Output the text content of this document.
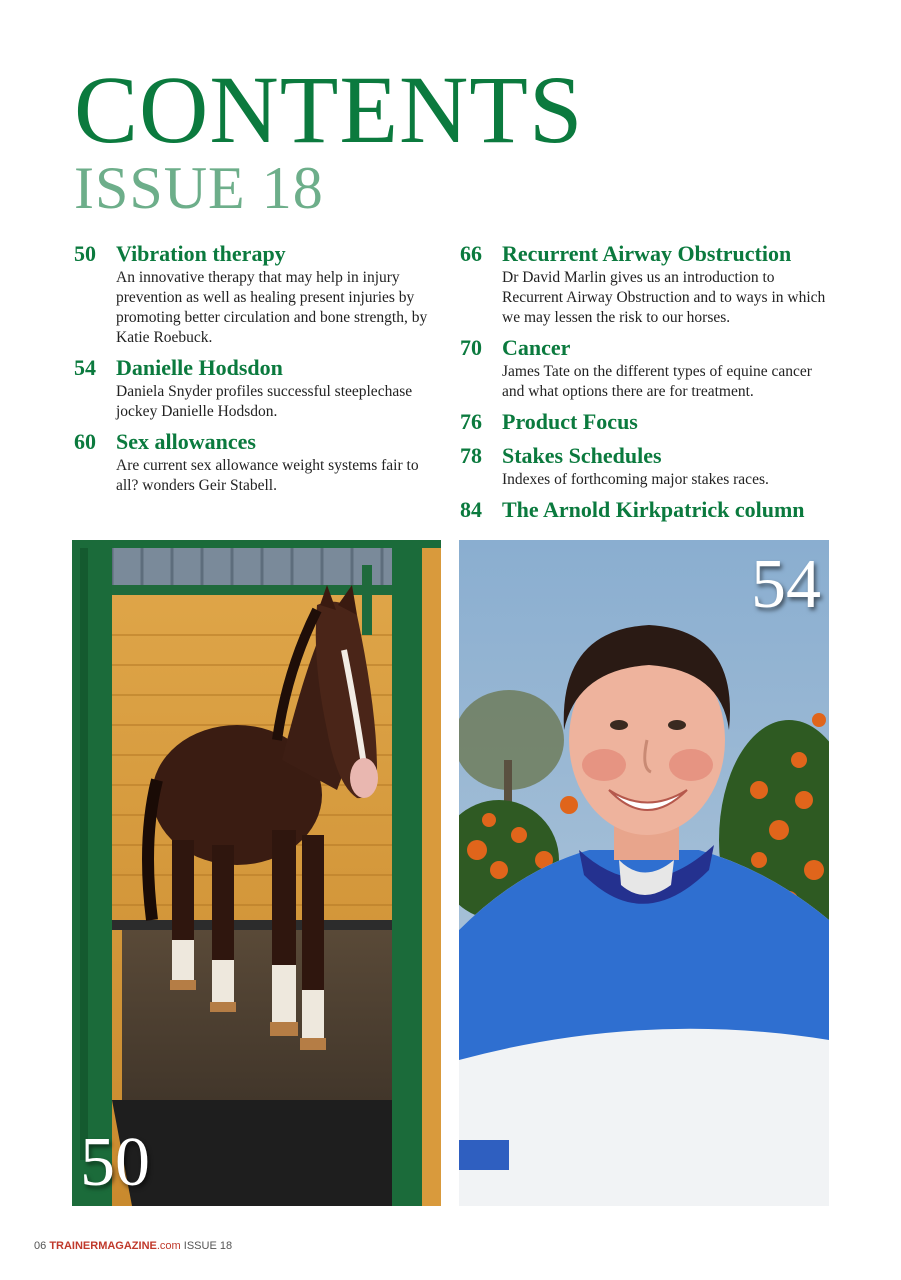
CONTENTS
ISSUE 18
50 Vibration therapy
An innovative therapy that may help in injury prevention as well as healing present injuries by promoting better circulation and bone strength, by Katie Roebuck.
54 Danielle Hodsdon
Daniela Snyder profiles successful steeplechase jockey Danielle Hodsdon.
60 Sex allowances
Are current sex allowance weight systems fair to all? wonders Geir Stabell.
66 Recurrent Airway Obstruction
Dr David Marlin gives us an introduction to Recurrent Airway Obstruction and to ways in which we may lessen the risk to our horses.
70 Cancer
James Tate on the different types of equine cancer and what options there are for treatment.
76 Product Focus
78 Stakes Schedules
Indexes of forthcoming major stakes races.
84 The Arnold Kirkpatrick column
50
54
06 TRAINERMAGAZINE.com ISSUE 18
